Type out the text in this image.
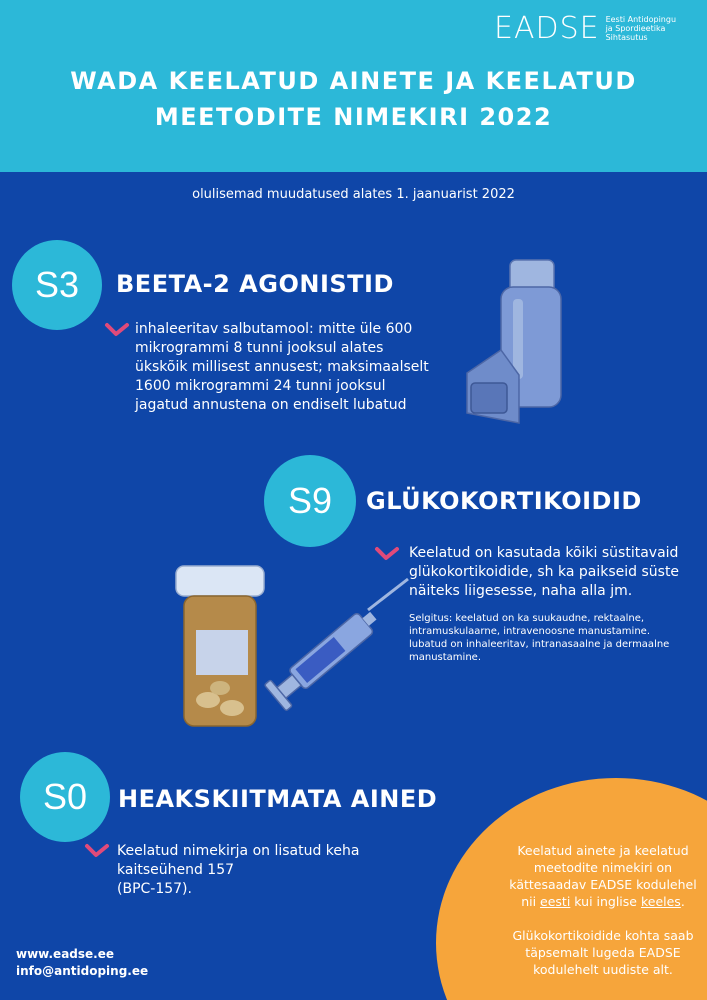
EADSE Eesti Antidopingu
ja Spordieetika
Sihtasutus
WADA KEELATUD AINETE JA KEELATUD
MEETODITE NIMEKIRI 2022
olulisemad muudatused alates 1. jaanuarist 2022
S3	BEETA-2 AGONISTID
inhaleeritav salbutamool: mitte üle 600
mikrogrammi 8 tunni jooksul alates
ükskõik millisest annusest; maksimaalselt
1600 mikrogrammi 24 tunni jooksul
jagatud annustena on endiselt lubatud
S9	GLÜKOKORTIKOIDID
Keelatud on kasutada kõiki süstitavaid
glükokortikoidide, sh ka paikseid süste
näiteks liigesesse, naha alla jm.
Selgitus: keelatud on ka suukaudne, rektaalne,
intramuskulaarne, intravenoosne manustamine.
lubatud on inhaleeritav, intranasaalne ja dermaalne
manustamine.
S0	HEAKSKIITMATA AINED
Keelatud nimekirja on lisatud keha
kaitseühend 157
(BPC-157).
www.eadse.ee
info@antidoping.ee
Keelatud ainete ja keelatud
meetodite nimekiri on
kättesaadav EADSE kodulehel
nii eesti kui inglise keeles.
Glükokortikoidide kohta saab
täpsemalt lugeda EADSE
kodulehelt uudiste alt.
